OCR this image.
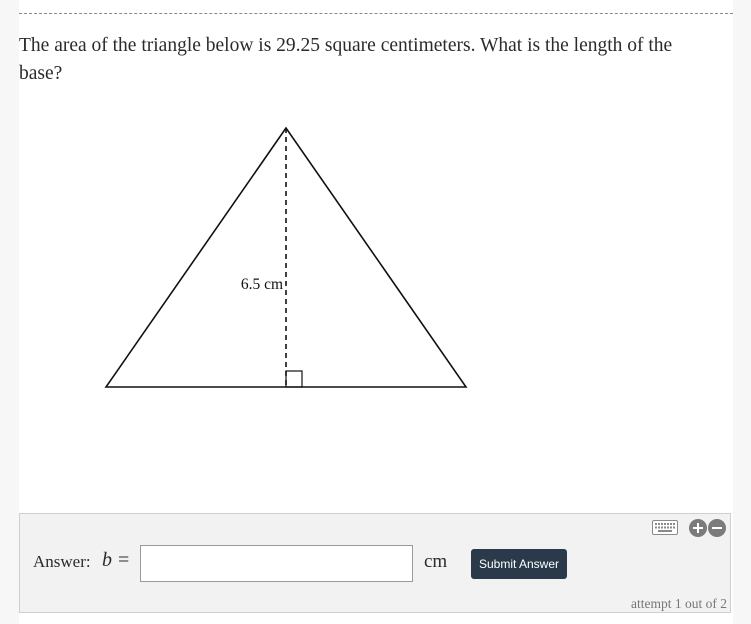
The area of the triangle below is 29.25 square centimeters. What is the length of the base?
6.5 cm
Answer: b =	cm	Submit Answer
attempt 1 out of 2
